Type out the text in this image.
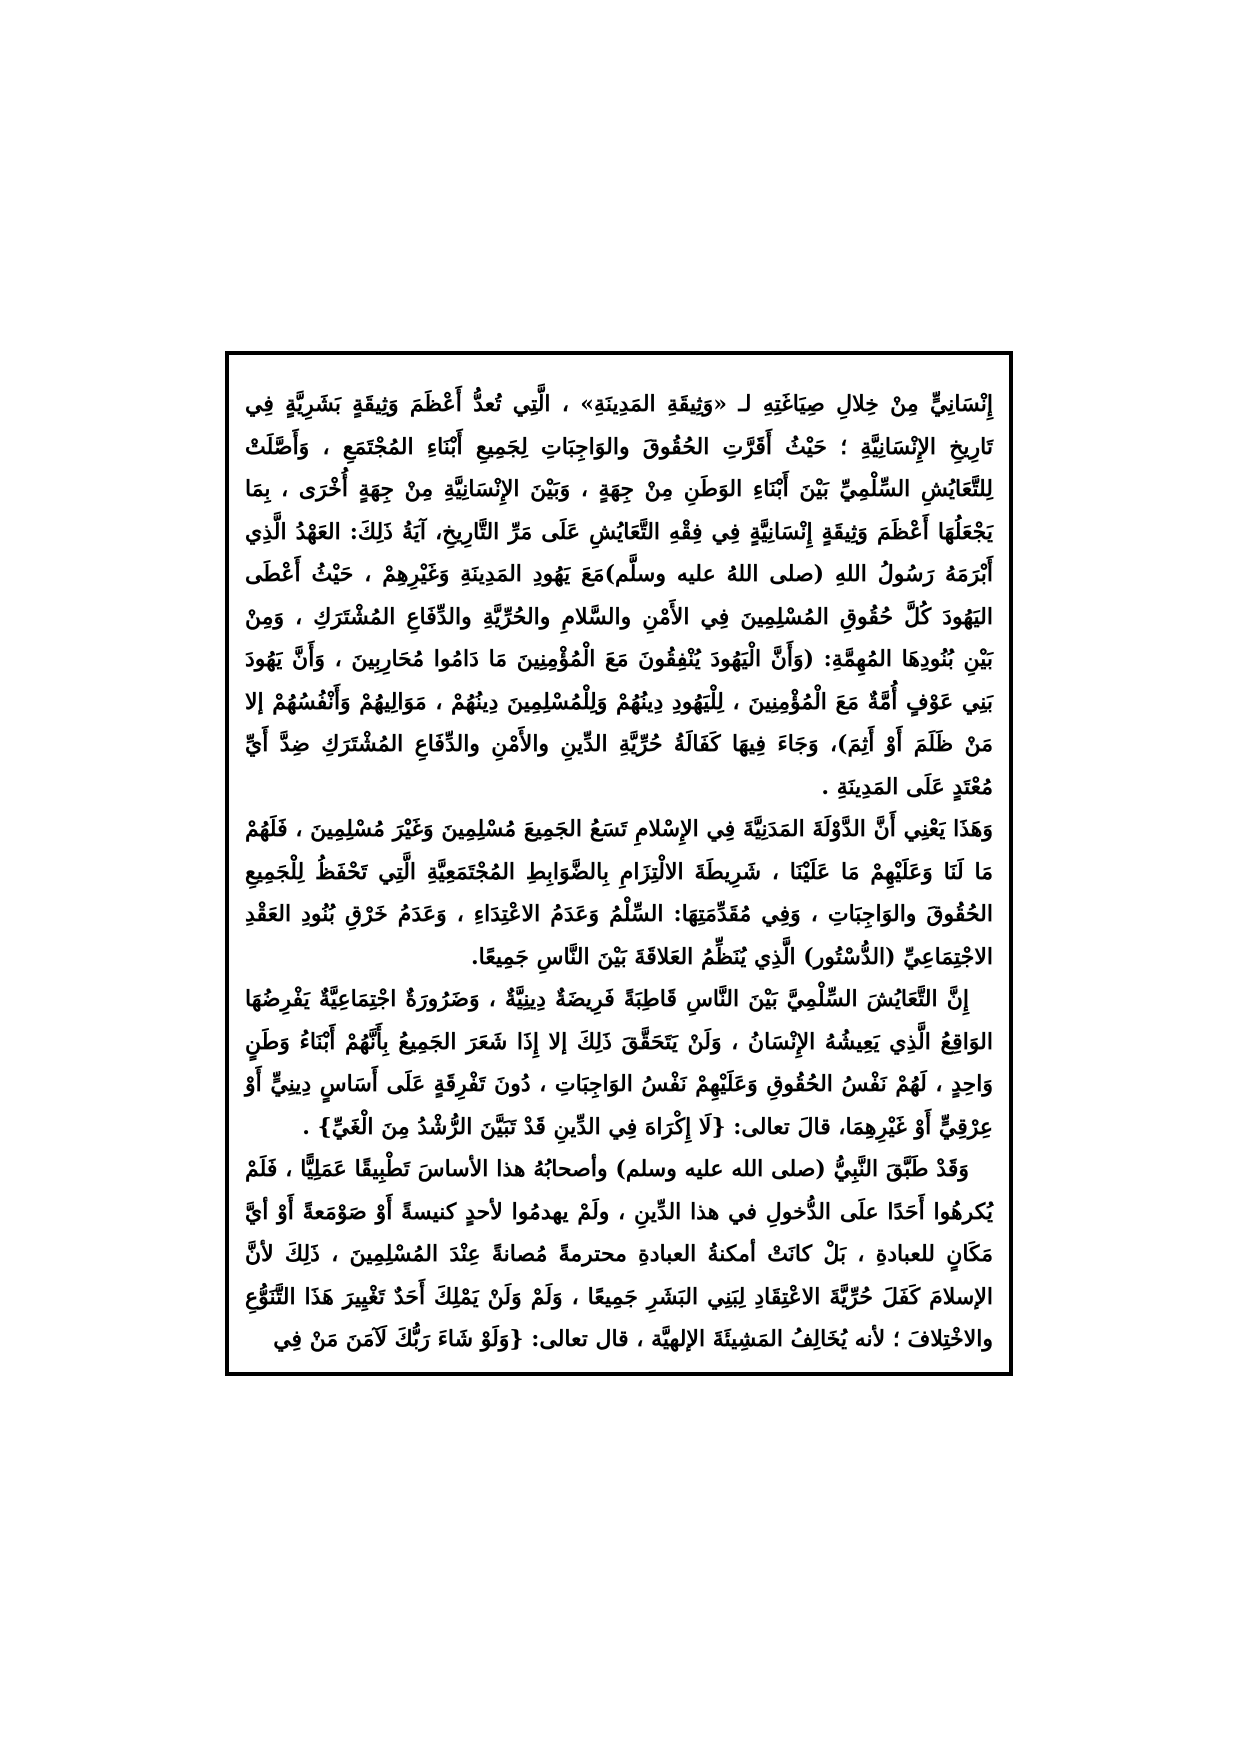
إِنْسَانِيٍّ مِنْ خِلالِ صِيَاغَتِهِ لـ «وَثِيقَةِ المَدِينَةِ» ، الَّتِي تُعدُّ أَعْظَمَ وَثِيقَةٍ بَشَرِيَّةٍ فِي تَارِيخِ الإِنْسَانِيَّةِ ؛ حَيْثُ أَقَرَّتِ الحُقُوقَ والوَاجِبَاتِ لِجَمِيعِ أَبْنَاءِ المُجْتَمَعِ ، وَأَصَّلَتْ لِلتَّعَايُشِ السِّلْمِيِّ بَيْنَ أَبْنَاءِ الوَطَنِ مِنْ جِهَةٍ ، وَبَيْنَ الإِنْسَانِيَّةِ مِنْ جِهَةٍ أُخْرَى ، بِمَا يَجْعَلُهَا أَعْظَمَ وَثِيقَةٍ إِنْسَانِيَّةٍ فِي فِقْهِ التَّعَايُشِ عَلَى مَرِّ التَّارِيخِ، آيَةُ ذَلِكَ: العَهْدُ الَّذِي أَبْرَمَهُ رَسُولُ اللهِ (صلى اللهُ عليه وسلَّم)مَعَ يَهُودِ المَدِينَةِ وَغَيْرِهِمْ ، حَيْثُ أَعْطَى اليَهُودَ كُلَّ حُقُوقِ المُسْلِمِينَ فِي الأَمْنِ والسَّلامِ والحُرِّيَّةِ والدِّفَاعِ المُشْتَرَكِ ، وَمِنْ بَيْنِ بُنُودِهَا المُهِمَّةِ: (وَأَنَّ الْيَهُودَ يُنْفِقُونَ مَعَ الْمُؤْمِنِينَ مَا دَامُوا مُحَارِبِينَ ، وَأَنَّ يَهُودَ بَنِي عَوْفٍ أُمَّةٌ مَعَ الْمُؤْمِنِينَ ، لِلْيَهُودِ دِينُهُمْ وَلِلْمُسْلِمِينَ دِينُهُمْ ، مَوَالِيهُمْ وَأَنْفُسُهُمْ إلا مَنْ ظَلَمَ أَوْ أَثِمَ)، وَجَاءَ فِيهَا كَفَالَةُ حُرِّيَّةِ الدِّينِ والأَمْنِ والدِّفَاعِ المُشْتَرَكِ ضِدَّ أَيِّ مُعْتَدٍ عَلَى المَدِينَةِ .

وَهَذَا يَعْنِي أَنَّ الدَّوْلَةَ المَدَنِيَّةَ فِي الإِسْلامِ تَسَعُ الجَمِيعَ مُسْلِمِينَ وَغَيْرَ مُسْلِمِينَ ، فَلَهُمْ مَا لَنَا وَعَلَيْهِمْ مَا عَلَيْنَا ، شَرِيطَةَ الالْتِزَامِ بِالضَّوَابِطِ المُجْتَمَعِيَّةِ الَّتِي تَحْفَظُ لِلْجَمِيعِ الحُقُوقَ والوَاجِبَاتِ ، وَفِي مُقَدِّمَتِهَا: السِّلْمُ وَعَدَمُ الاعْتِدَاءِ ، وَعَدَمُ خَرْقِ بُنُودِ العَقْدِ الاجْتِمَاعِيِّ (الدُّسْتُور) الَّذِي يُنَظِّمُ العَلاقَةَ بَيْنَ النَّاسِ جَمِيعًا.

إِنَّ التَّعَايُشَ السِّلْمِيَّ بَيْنَ النَّاسِ قَاطِبَةً فَرِيضَةٌ دِينِيَّةٌ ، وَضَرُورَةٌ اجْتِمَاعِيَّةٌ يَفْرِضُهَا الوَاقِعُ الَّذِي يَعِيشُهُ الإِنْسَانُ ، وَلَنْ يَتَحَقَّقَ ذَلِكَ إلا إِذَا شَعَرَ الجَمِيعُ بِأَنَّهُمْ أَبْنَاءُ وَطَنٍ وَاحِدٍ ، لَهُمْ نَفْسُ الحُقُوقِ وَعَلَيْهِمْ نَفْسُ الوَاجِبَاتِ ، دُونَ تَفْرِقَةٍ عَلَى أَسَاسٍ دِينِيٍّ أَوْ عِرْقِيٍّ أَوْ غَيْرِهِمَا، قالَ تعالى: {لَا إِكْرَاهَ فِي الدِّينِ قَدْ تَبَيَّنَ الرُّشْدُ مِنَ الْغَيِّ} .

وَقَدْ طَبَّقَ النَّبِيُّ (صلى الله عليه وسلم) وأصحابُهُ هذا الأساسَ تَطْبِيقًا عَمَلِيًّا ، فَلَمْ يُكرهُوا أَحَدًا علَى الدُّخولِ في هذا الدِّينِ ، ولَمْ يهدمُوا لأحدٍ كنيسةً أَوْ صَوْمَعةً أَوْ أيَّ مَكَانٍ للعبادةِ ، بَلْ كانَتْ أمكنةُ العبادةِ محترمةً مُصانةً عِنْدَ المُسْلِمِينَ ، ذَلِكَ لأنَّ الإسلامَ كَفَلَ حُرِّيَّةَ الاعْتِقَادِ لِبَنِي البَشَرِ جَمِيعًا ، وَلَمْ وَلَنْ يَمْلِكَ أَحَدٌ تَغْيِيرَ هَذَا التَّنَوُّعِ والاخْتِلافَ ؛ لأنه يُخَالِفُ المَشِيئَةَ الإلهيَّة ، قال تعالى: {وَلَوْ شَاءَ رَبُّكَ لَآمَنَ مَنْ فِي
